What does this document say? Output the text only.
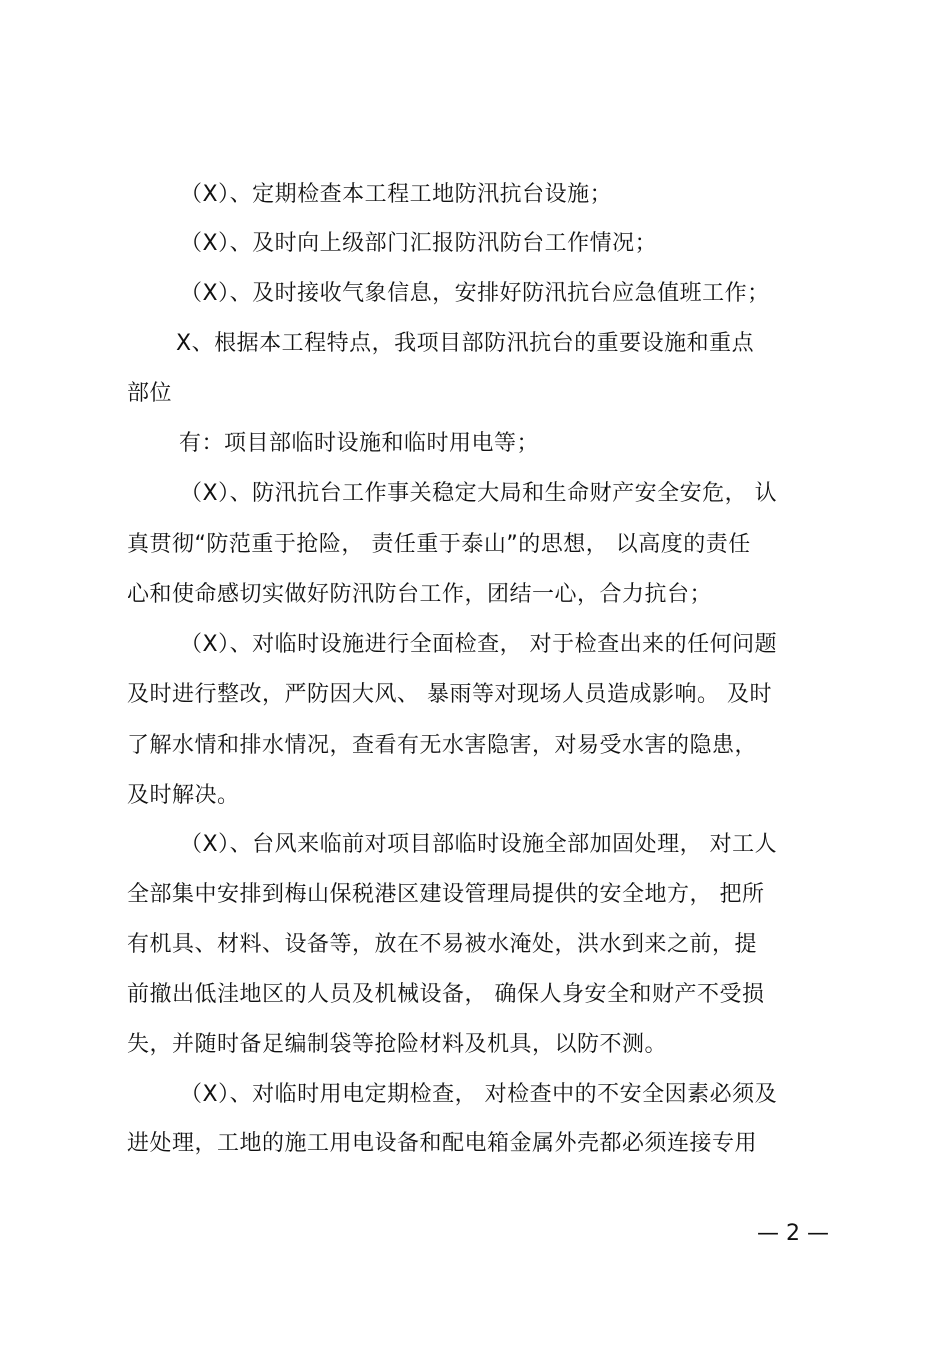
（X）、定期检查本工程工地防汛抗台设施；
（X）、及时向上级部门汇报防汛防台工作情况；
（X）、及时接收气象信息，安排好防汛抗台应急值班工作；
X、根据本工程特点，我项目部防汛抗台的重要设施和重点
部位
有：项目部临时设施和临时用电等；
（X）、防汛抗台工作事关稳定大局和生命财产安全安危， 认
真贯彻“防范重于抢险， 责任重于泰山”的思想， 以高度的责任
心和使命感切实做好防汛防台工作，团结一心，合力抗台；
（X）、对临时设施进行全面检查， 对于检查出来的任何问题
及时进行整改，严防因大风、 暴雨等对现场人员造成影响。 及时
了解水情和排水情况，查看有无水害隐害，对易受水害的隐患，
及时解决。
（X）、台风来临前对项目部临时设施全部加固处理， 对工人
全部集中安排到梅山保税港区建设管理局提供的安全地方， 把所
有机具、材料、设备等，放在不易被水淹处，洪水到来之前，提
前撤出低洼地区的人员及机械设备， 确保人身安全和财产不受损
失，并随时备足编制袋等抢险材料及机具，以防不测。
（X）、对临时用电定期检查， 对检查中的不安全因素必须及
进处理，工地的施工用电设备和配电箱金属外壳都必须连接专用
— 2 —
